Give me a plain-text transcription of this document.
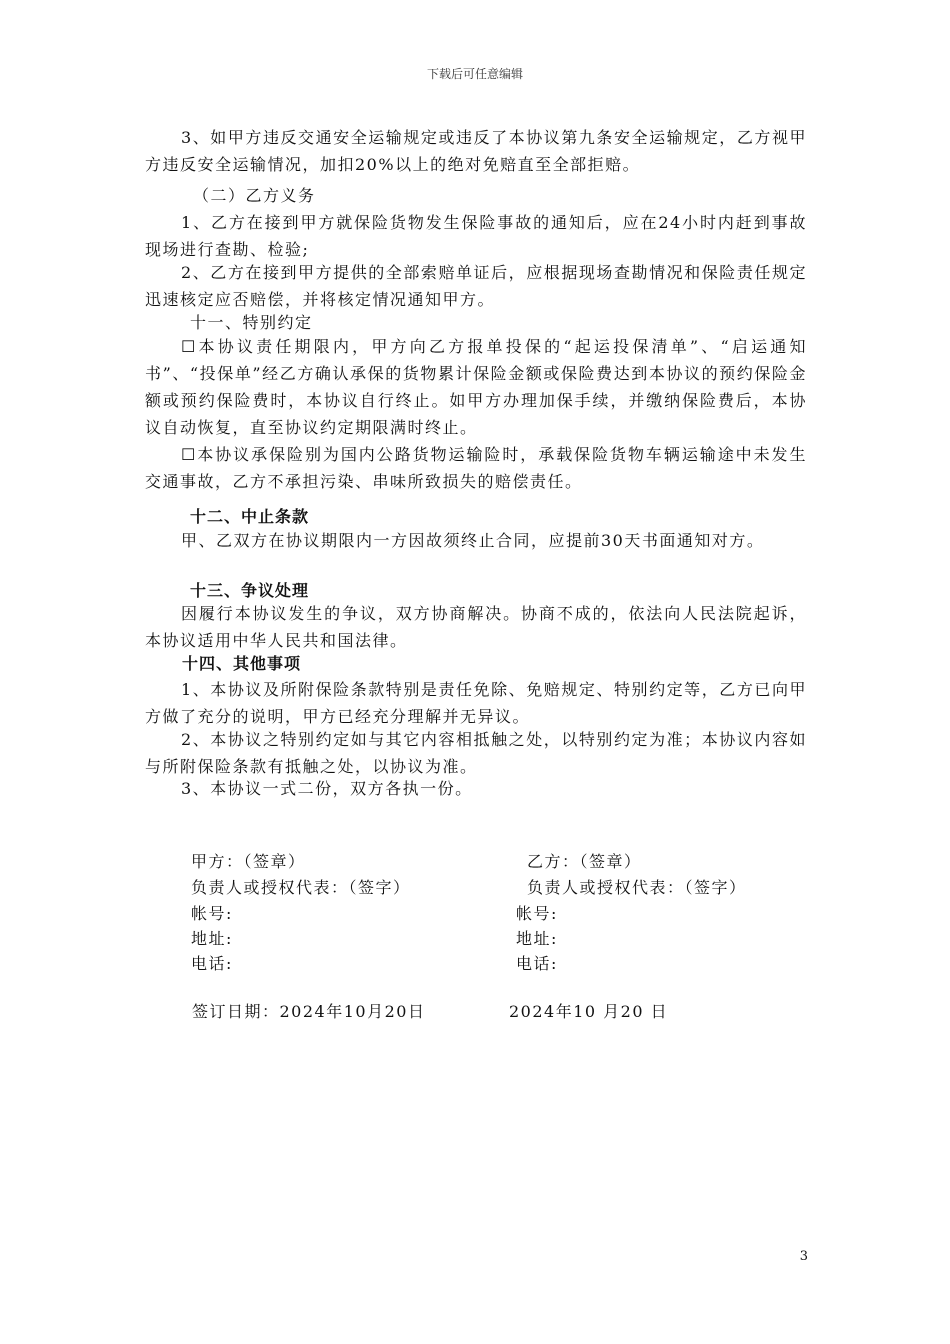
下载后可任意编辑

3、如甲方违反交通安全运输规定或违反了本协议第九条安全运输规定，乙方视甲方违反安全运输情况，加扣20%以上的绝对免赔直至全部拒赔。

（二）乙方义务

1、乙方在接到甲方就保险货物发生保险事故的通知后，应在24小时内赶到事故现场进行查勘、检验;

2、乙方在接到甲方提供的全部索赔单证后，应根据现场查勘情况和保险责任规定迅速核定应否赔偿，并将核定情况通知甲方。

十一、特别约定

☐本协议责任期限内，甲方向乙方报单投保的“起运投保清单”、“启运通知书”、“投保单”经乙方确认承保的货物累计保险金额或保险费达到本协议的预约保险金额或预约保险费时，本协议自行终止。如甲方办理加保手续，并缴纳保险费后，本协议自动恢复，直至协议约定期限满时终止。

☐本协议承保险别为国内公路货物运输险时，承载保险货物车辆运输途中未发生交通事故，乙方不承担污染、串味所致损失的赔偿责任。

十二、中止条款

甲、乙双方在协议期限内一方因故须终止合同，应提前30天书面通知对方。

十三、争议处理

因履行本协议发生的争议，双方协商解决。协商不成的，依法向人民法院起诉，本协议适用中华人民共和国法律。

十四、其他事项

1、本协议及所附保险条款特别是责任免除、免赔规定、特别约定等，乙方已向甲方做了充分的说明，甲方已经充分理解并无异议。

2、本协议之特别约定如与其它内容相抵触之处，以特别约定为准；本协议内容如与所附保险条款有抵触之处，以协议为准。

3、本协议一式二份，双方各执一份。

甲方：（签章）
负责人或授权代表：（签字）
帐号:
地址:
电话:
乙方：（签章）
负责人或授权代表：（签字）
帐号:
地址:
电话:
签订日期：2024年10月20日	2024年10 月20 日
3
